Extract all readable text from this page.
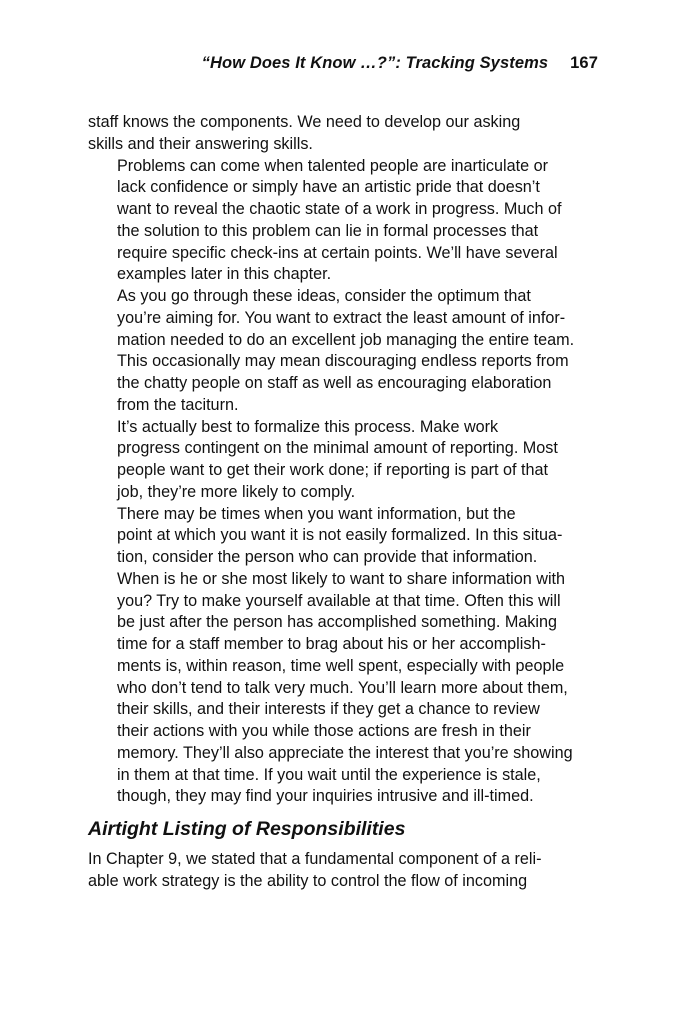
“How Does It Know …?”: Tracking Systems 167

staff knows the components. We need to develop our asking
skills and their answering skills.

Problems can come when talented people are inarticulate or
lack confidence or simply have an artistic pride that doesn’t
want to reveal the chaotic state of a work in progress. Much of
the solution to this problem can lie in formal processes that
require specific check-ins at certain points. We’ll have several
examples later in this chapter.

As you go through these ideas, consider the optimum that
you’re aiming for. You want to extract the least amount of infor-
mation needed to do an excellent job managing the entire team.
This occasionally may mean discouraging endless reports from
the chatty people on staff as well as encouraging elaboration
from the taciturn.

It’s actually best to formalize this process. Make work
progress contingent on the minimal amount of reporting. Most
people want to get their work done; if reporting is part of that
job, they’re more likely to comply.

There may be times when you want information, but the
point at which you want it is not easily formalized. In this situa-
tion, consider the person who can provide that information.
When is he or she most likely to want to share information with
you? Try to make yourself available at that time. Often this will
be just after the person has accomplished something. Making
time for a staff member to brag about his or her accomplish-
ments is, within reason, time well spent, especially with people
who don’t tend to talk very much. You’ll learn more about them,
their skills, and their interests if they get a chance to review
their actions with you while those actions are fresh in their
memory. They’ll also appreciate the interest that you’re showing
in them at that time. If you wait until the experience is stale,
though, they may find your inquiries intrusive and ill-timed.

Airtight Listing of Responsibilities

In Chapter 9, we stated that a fundamental component of a reli-
able work strategy is the ability to control the flow of incoming
